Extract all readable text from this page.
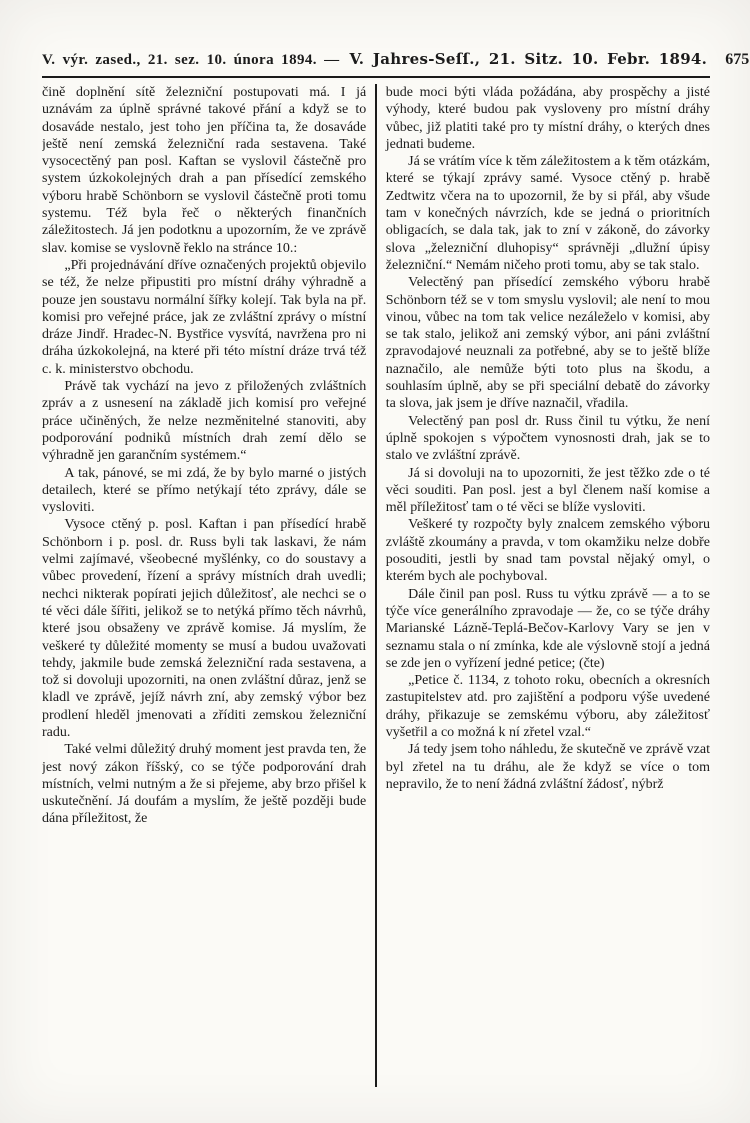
V. výr. zased., 21. sez. 10. února 1894. — V. Jahres-Seſſ., 21. Sitz. 10. Febr. 1894. 675

čině doplnění sítě železniční postupovati má. I já uznávám za úplně správné takové přání a když se to dosaváde nestalo, jest toho jen příčina ta, že dosaváde ještě není zemská železniční rada sestavena. Také vysocectěný pan posl. Kaftan se vyslovil částečně pro system úzkokolejných drah a pan přísedící zemského výboru hrabě Schönborn se vyslovil částečně proti tomu systemu. Též byla řeč o některých finančních záležitostech. Já jen podotknu a upozorním, že ve zprávě slav. komise se vyslovně řeklo na stránce 10.:

„Při projednávání dříve označených projektů objevilo se též, že nelze připustiti pro místní dráhy výhradně a pouze jen soustavu normální šířky kolejí. Tak byla na př. komisi pro veřejné práce, jak ze zvláštní zprávy o místní dráze Jindř. Hradec-N. Bystřice vysvítá, navržena pro ni dráha úzkokolejná, na které při této místní dráze trvá též c. k. ministerstvo obchodu.

Právě tak vychází na jevo z přiložených zvláštních zpráv a z usnesení na základě jich komisí pro veřejné práce učiněných, že nelze nezměnitelné stanoviti, aby podporování podniků místních drah zemí dělo se výhradně jen garančním systémem.“

A tak, pánové, se mi zdá, že by bylo marné o jistých detailech, které se přímo netýkají této zprávy, dále se vysloviti.

Vysoce ctěný p. posl. Kaftan i pan přísedící hrabě Schönborn i p. posl. dr. Russ byli tak laskavi, že nám velmi zajímavé, všeobecné myšlénky, co do soustavy a vůbec provedení, řízení a správy místních drah uvedli; nechci nikterak popírati jejich důležitosť, ale nechci se o té věci dále šířiti, jelikož se to netýká přímo těch návrhů, které jsou obsaženy ve zprávě komise. Já myslím, že veškeré ty důležité momenty se musí a budou uvažovati tehdy, jakmile bude zemská železniční rada sestavena, a tož si dovoluji upozorniti, na onen zvláštní důraz, jenž se kladl ve zprávě, jejíž návrh zní, aby zemský výbor bez prodlení hleděl jmenovati a zříditi zemskou železniční radu.

Také velmi důležitý druhý moment jest pravda ten, že jest nový zákon říšský, co se týče podporování drah místních, velmi nutným a že si přejeme, aby brzo přišel k uskutečnění. Já doufám a myslím, že ještě později bude dána příležitost, že

bude moci býti vláda požádána, aby prospěchy a jisté výhody, které budou pak vysloveny pro místní dráhy vůbec, již platiti také pro ty místní dráhy, o kterých dnes jednati budeme.

Já se vrátím více k těm záležitostem a k těm otázkám, které se týkají zprávy samé. Vysoce ctěný p. hrabě Zedtwitz včera na to upozornil, že by si přál, aby všude tam v konečných návrzích, kde se jedná o prioritních obligacích, se dala tak, jak to zní v zákoně, do závorky slova „železniční dluhopisy“ správněji „dlužní úpisy železniční.“ Nemám ničeho proti tomu, aby se tak stalo.

Velectěný pan přísedící zemského výboru hrabě Schönborn též se v tom smyslu vyslovil; ale není to mou vinou, vůbec na tom tak velice nezáleželo v komisi, aby se tak stalo, jelikož ani zemský výbor, ani páni zvláštní zpravodajové neuznali za potřebné, aby se to ještě blíže naznačilo, ale nemůže býti toto plus na škodu, a souhlasím úplně, aby se při speciální debatě do závorky ta slova, jak jsem je dříve naznačil, vřadila.

Velectěný pan posl dr. Russ činil tu výtku, že není úplně spokojen s výpočtem vynosnosti drah, jak se to stalo ve zvláštní zprávě.

Já si dovoluji na to upozorniti, že jest těžko zde o té věci souditi. Pan posl. jest a byl členem naší komise a měl příležitosť tam o té věci se blíže vysloviti.

Veškeré ty rozpočty byly znalcem zemského výboru zvláště zkoumány a pravda, v tom okamžiku nelze dobře posouditi, jestli by snad tam povstal nějaký omyl, o kterém bych ale pochyboval.

Dále činil pan posl. Russ tu výtku zprávě — a to se týče více generálního zpravodaje — že, co se týče dráhy Marianské Lázně-Teplá-Bečov-Karlovy Vary se jen v seznamu stala o ní zmínka, kde ale výslovně stojí a jedná se zde jen o vyřízení jedné petice; (čte)

„Petice č. 1134, z tohoto roku, obecních a okresních zastupitelstev atd. pro zajištění a podporu výše uvedené dráhy, přikazuje se zemskému výboru, aby záležitosť vyšetřil a co možná k ní zřetel vzal.“

Já tedy jsem toho náhledu, že skutečně ve zprávě vzat byl zřetel na tu dráhu, ale že když se více o tom nepravilo, že to není žádná zvláštní žádosť, nýbrž
